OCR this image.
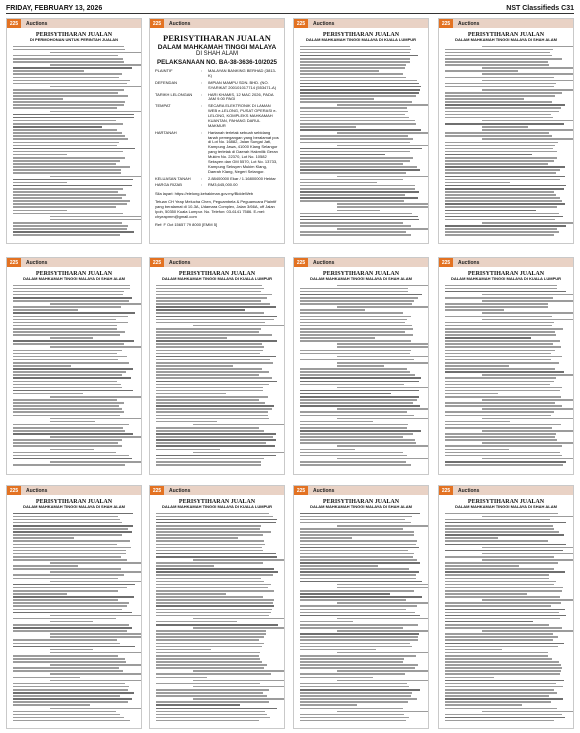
FRIDAY, FEBRUARY 13, 2026	NST Classifieds C31
225	Auctions
PERISYTIHARAN JUALAN
DI PERMOHONAN UNTUK PERINTAH JUALAN
225	Auctions
PERISYTIHARAN JUALAN
DALAM MAHKAMAH TINGGI MALAYA DI KUALA LUMPUR
225	Auctions
PERISYTIHARAN JUALAN
DALAM MAHKAMAH TINGGI MALAYA DI SHAH ALAM
225	Auctions
PERISYTIHARAN JUALAN
DALAM MAHKAMAH TINGGI MALAYA DI SHAH ALAM
225	Auctions
PERISYTIHARAN JUALAN
DALAM MAHKAMAH TINGGI MALAYA DI KUALA LUMPUR
225	Auctions
PERISYTIHARAN JUALAN
DALAM MAHKAMAH TINGGI MALAYA DI SHAH ALAM
225	Auctions
PERISYTIHARAN JUALAN
DALAM MAHKAMAH TINGGI MALAYA DI KUALA LUMPUR
225	Auctions
PERISYTIHARAN JUALAN
DALAM MAHKAMAH TINGGI MALAYA DI SHAH ALAM
225	Auctions
PERISYTIHARAN JUALAN
DALAM MAHKAMAH TINGGI MALAYA DI KUALA LUMPUR
225	Auctions
PERISYTIHARAN JUALAN
DALAM MAHKAMAH TINGGI MALAYA DI SHAH ALAM
225	Auctions
PERISYTIHARAN JUALAN
DALAM MAHKAMAH TINGGI MALAYA DI SHAH ALAM
225	Auctions
PERISYTIHARAN JUALAN
DALAM MAHKAMAH TINGGI MALAYA
DI SHAH ALAM
PELAKSANAAN NO. BA-38-3636-10/2025
PLAINTIF	:	MALAYAN BANKING BERHAD (3813-K)
DEFENDAN	:	IMPIAN MAMPU SDN. BHD. (NO. SYARIKAT 200101017714 (553471-A)
TARIKH LELONGAN	:	HARI KHAMIS, 12 MAC 2026, PADA JAM 9.00 PAGI
TEMPAT	:	SECARA ELEKTRONIK DI LAMAN WEB e-LELONG, PUSAT OPERASI e-LELONG, KOMPLEKS MAHKAMAH KUANTAN, PAHANG DARUL MAKMUR
HARTANAH	:	Hartanah terletak sebuah sebidang tanah pemegangan yang beralamat pos di Lot No. 16882, Jalan Sungai Jati, Kampung Jawa, 41000 Klang Selangor yang terletak di Daerah Hakmilik Geran Mukim No. 22370, Lot No. 10582 Seksyen dan GM 5570, Lot No. 13733, Kampung Seksyen Mukim Klang, Daerah Klang, Negeri Selangor.
KELUASAN TANAH	:	2.88400000 Ekar / 1.16800000 Hektar
HARGA RIZAB	:	RM3,645,000.00
Sila layari: https://elelong.kehakiman.gov.my/BiddeWeb
Tetuan CH Yeap Melucha Chen, Peguambela & Peguamcara Plaintif yang beralamat di 10-3A, Udamara Complex, Jalan 3/66A, off Jalan Ipoh, 50350 Kuala Lumpur. No. Telefon: 03-6141 7586. E-mel: chyeapmm@gmail.com
Ref: F Oct 15657 79 8000 [EMM 5]
